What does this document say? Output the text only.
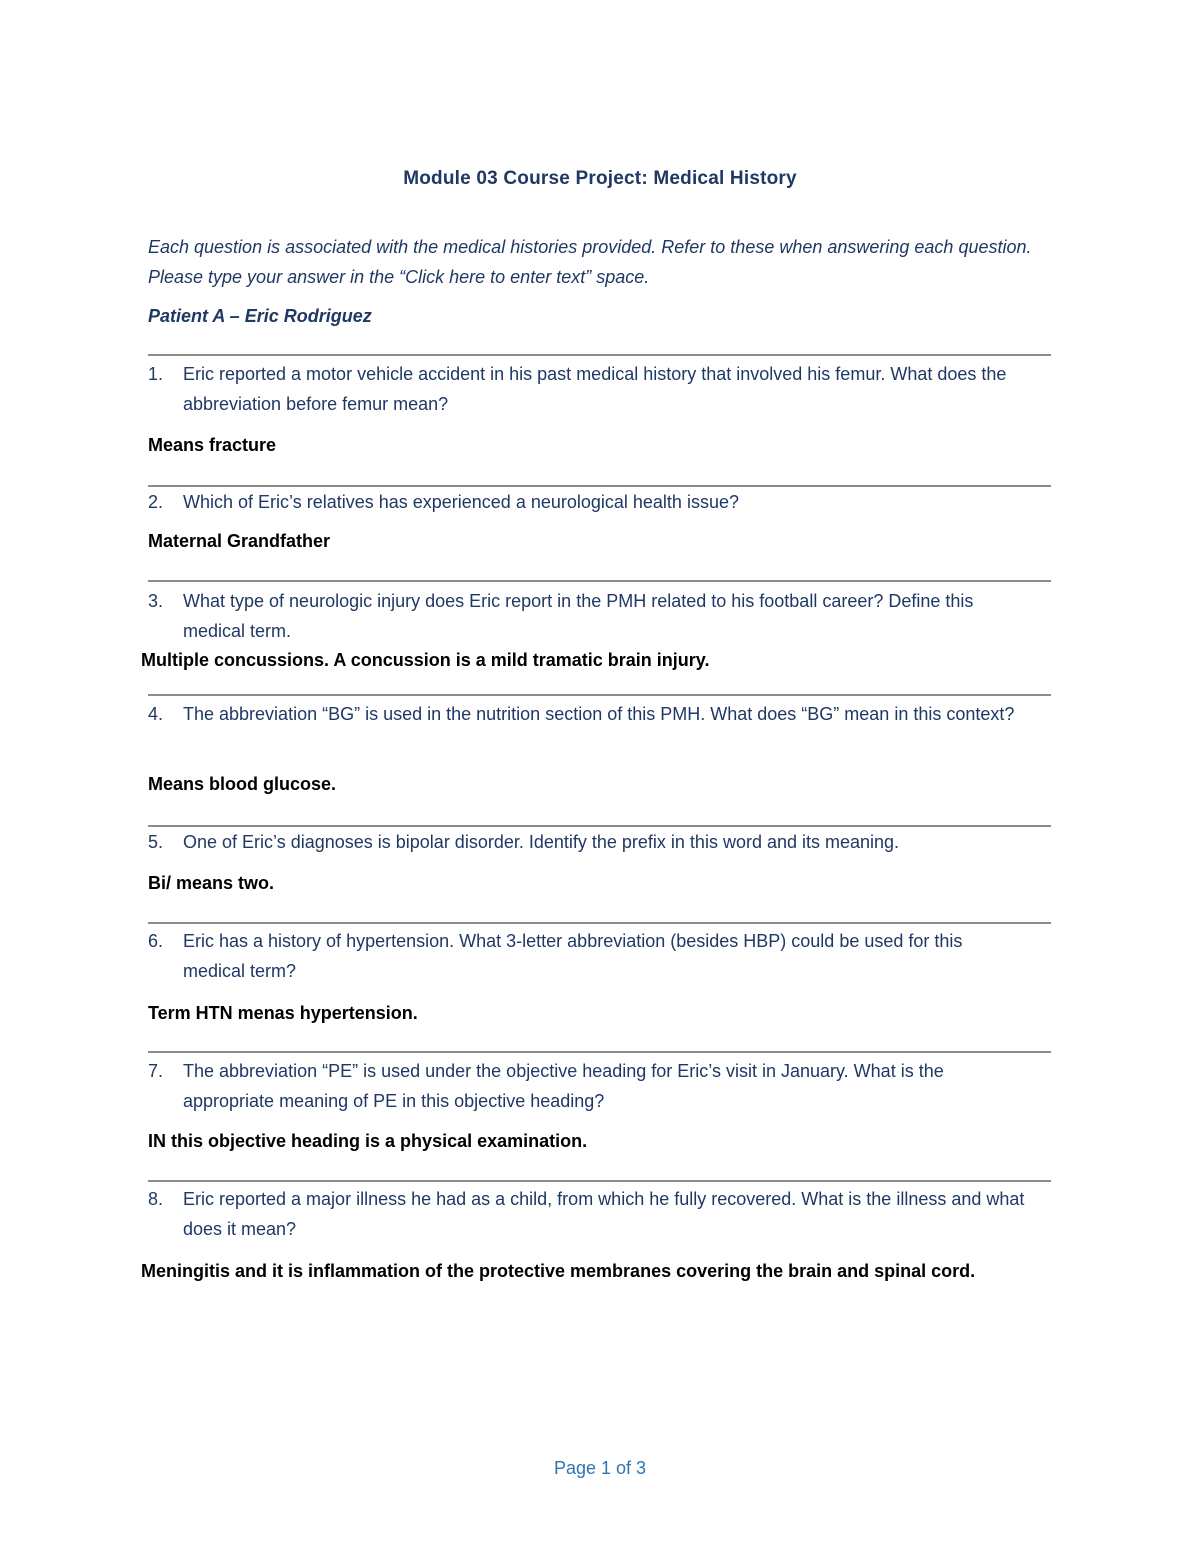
Module 03 Course Project: Medical History

Each question is associated with the medical histories provided. Refer to these when answering each question. Please type your answer in the “Click here to enter text” space.

Patient A – Eric Rodriguez
1. Eric reported a motor vehicle accident in his past medical history that involved his femur. What does the abbreviation before femur mean?
Means fracture
2. Which of Eric’s relatives has experienced a neurological health issue?
Maternal Grandfather
3. What type of neurologic injury does Eric report in the PMH related to his football career? Define this medical term.
Multiple concussions. A concussion is a mild tramatic brain injury.
4. The abbreviation “BG” is used in the nutrition section of this PMH. What does “BG” mean in this context?
Means blood glucose.
5. One of Eric’s diagnoses is bipolar disorder. Identify the prefix in this word and its meaning.
Bi/ means two.
6. Eric has a history of hypertension. What 3-letter abbreviation (besides HBP) could be used for this medical term?
Term HTN menas hypertension.
7. The abbreviation “PE” is used under the objective heading for Eric’s visit in January. What is the appropriate meaning of PE in this objective heading?
IN this objective heading is a physical examination.
8. Eric reported a major illness he had as a child, from which he fully recovered. What is the illness and what does it mean?
Meningitis and it is inflammation of the protective membranes covering the brain and spinal cord.
Page 1 of 3
